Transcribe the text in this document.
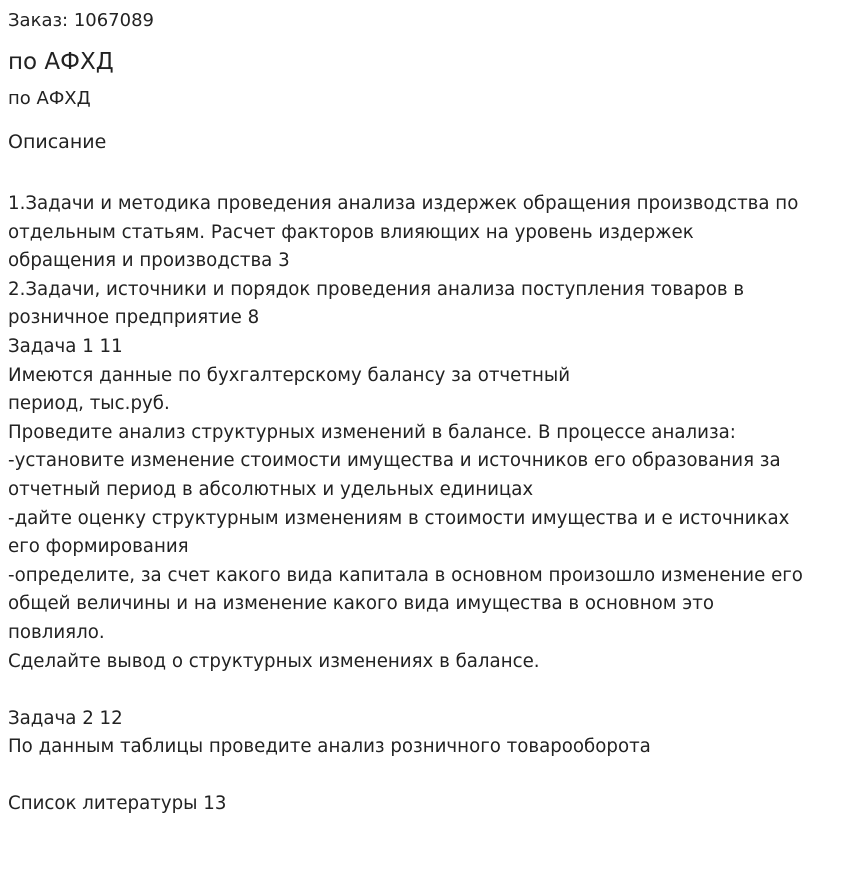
Заказ: 1067089
по АФХД
по АФХД
Описание
1.Задачи и методика проведения анализа издержек обращения производства по
отдельным статьям. Расчет факторов влияющих на уровень издержек
обращения и производства 3
2.Задачи, источники и порядок проведения анализа поступления товаров в
розничное предприятие 8
Задача 1 11
Имеются данные по бухгалтерскому балансу за отчетный
период, тыс.руб.
Проведите анализ структурных изменений в балансе. В процессе анализа:
-установите изменение стоимости имущества и источников его образования за
отчетный период в абсолютных и удельных единицах
-дайте оценку структурным изменениям в стоимости имущества и е источниках
его формирования
-определите, за счет какого вида капитала в основном произошло изменение его
общей величины и на изменение какого вида имущества в основном это
повлияло.
Сделайте вывод о структурных изменениях в балансе.
Задача 2 12
По данным таблицы проведите анализ розничного товарооборота
Список литературы 13
